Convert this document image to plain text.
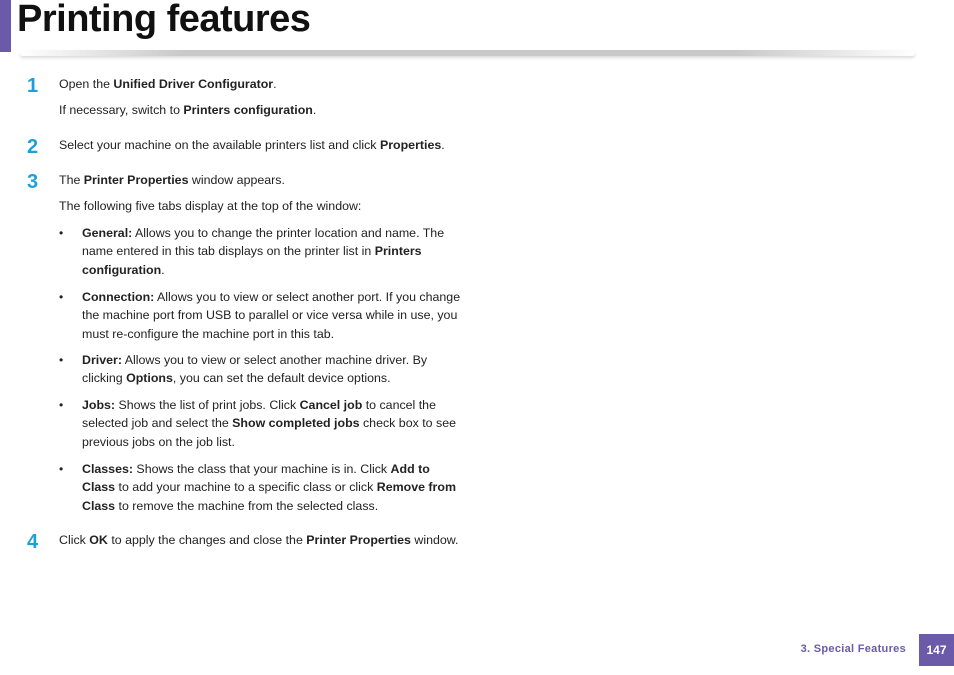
Printing features
1	Open the Unified Driver Configurator.

If necessary, switch to Printers configuration.

2	Select your machine on the available printers list and click Properties.

3	The Printer Properties window appears.

The following five tabs display at the top of the window:

• General: Allows you to change the printer location and name. The name entered in this tab displays on the printer list in Printers configuration.

• Connection: Allows you to view or select another port. If you change the machine port from USB to parallel or vice versa while in use, you must re-configure the machine port in this tab.

• Driver: Allows you to view or select another machine driver. By clicking Options, you can set the default device options.

• Jobs: Shows the list of print jobs. Click Cancel job to cancel the selected job and select the Show completed jobs check box to see previous jobs on the job list.

• Classes: Shows the class that your machine is in. Click Add to Class to add your machine to a specific class or click Remove from Class to remove the machine from the selected class.

4	Click OK to apply the changes and close the Printer Properties window.

3. Special Features	147
